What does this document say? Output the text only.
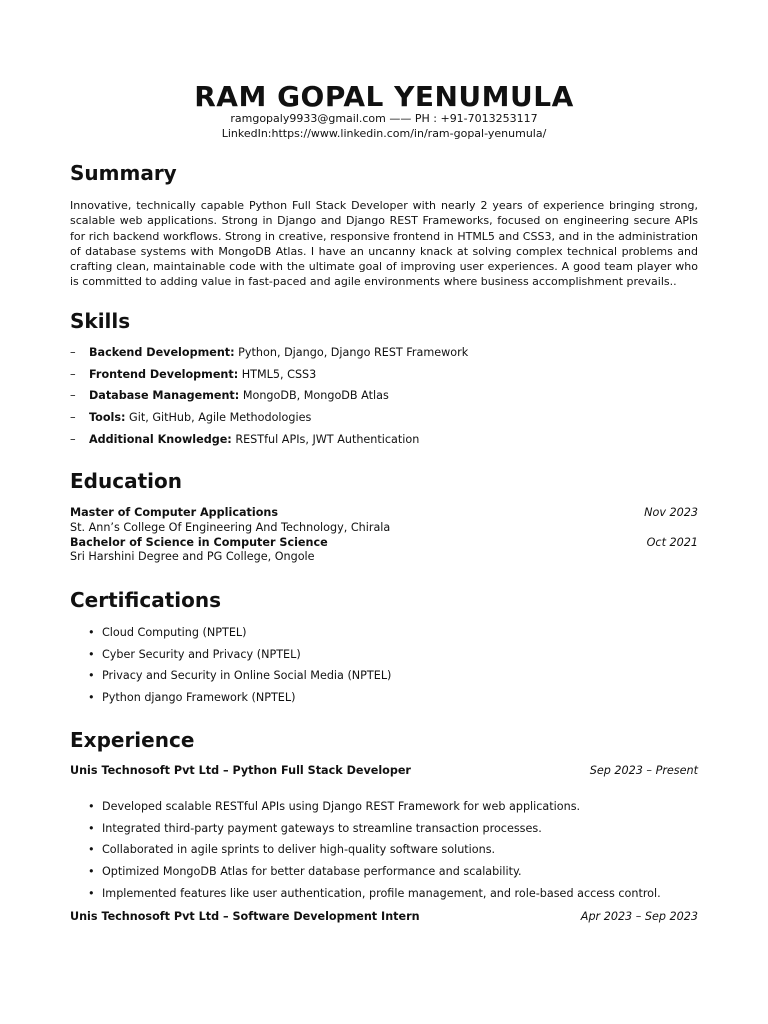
RAM GOPAL YENUMULA
ramgopaly9933@gmail.com —— PH : +91-7013253117
LinkedIn:https://www.linkedin.com/in/ram-gopal-yenumula/
Summary

Innovative, technically capable Python Full Stack Developer with nearly 2 years of experience bringing strong, scalable web applications. Strong in Django and Django REST Frameworks, focused on engineering secure APIs for rich backend workflows. Strong in creative, responsive frontend in HTML5 and CSS3, and in the administration of database systems with MongoDB Atlas. I have an uncanny knack at solving complex technical problems and crafting clean, maintainable code with the ultimate goal of improving user experiences. A good team player who is committed to adding value in fast-paced and agile environments where business accomplishment prevails..

Skills
– Backend Development: Python, Django, Django REST Framework
– Frontend Development: HTML5, CSS3
– Database Management: MongoDB, MongoDB Atlas
– Tools: Git, GitHub, Agile Methodologies
– Additional Knowledge: RESTful APIs, JWT Authentication
Education
Master of Computer Applications	Nov 2023
St. Ann’s College Of Engineering And Technology, Chirala
Bachelor of Science in Computer Science	Oct 2021
Sri Harshini Degree and PG College, Ongole
Certifications
• Cloud Computing (NPTEL)
• Cyber Security and Privacy (NPTEL)
• Privacy and Security in Online Social Media (NPTEL)
• Python django Framework (NPTEL)
Experience
Unis Technosoft Pvt Ltd – Python Full Stack Developer	Sep 2023 – Present
• Developed scalable RESTful APIs using Django REST Framework for web applications.
• Integrated third-party payment gateways to streamline transaction processes.
• Collaborated in agile sprints to deliver high-quality software solutions.
• Optimized MongoDB Atlas for better database performance and scalability.
• Implemented features like user authentication, profile management, and role-based access control.
Unis Technosoft Pvt Ltd – Software Development Intern	Apr 2023 – Sep 2023
